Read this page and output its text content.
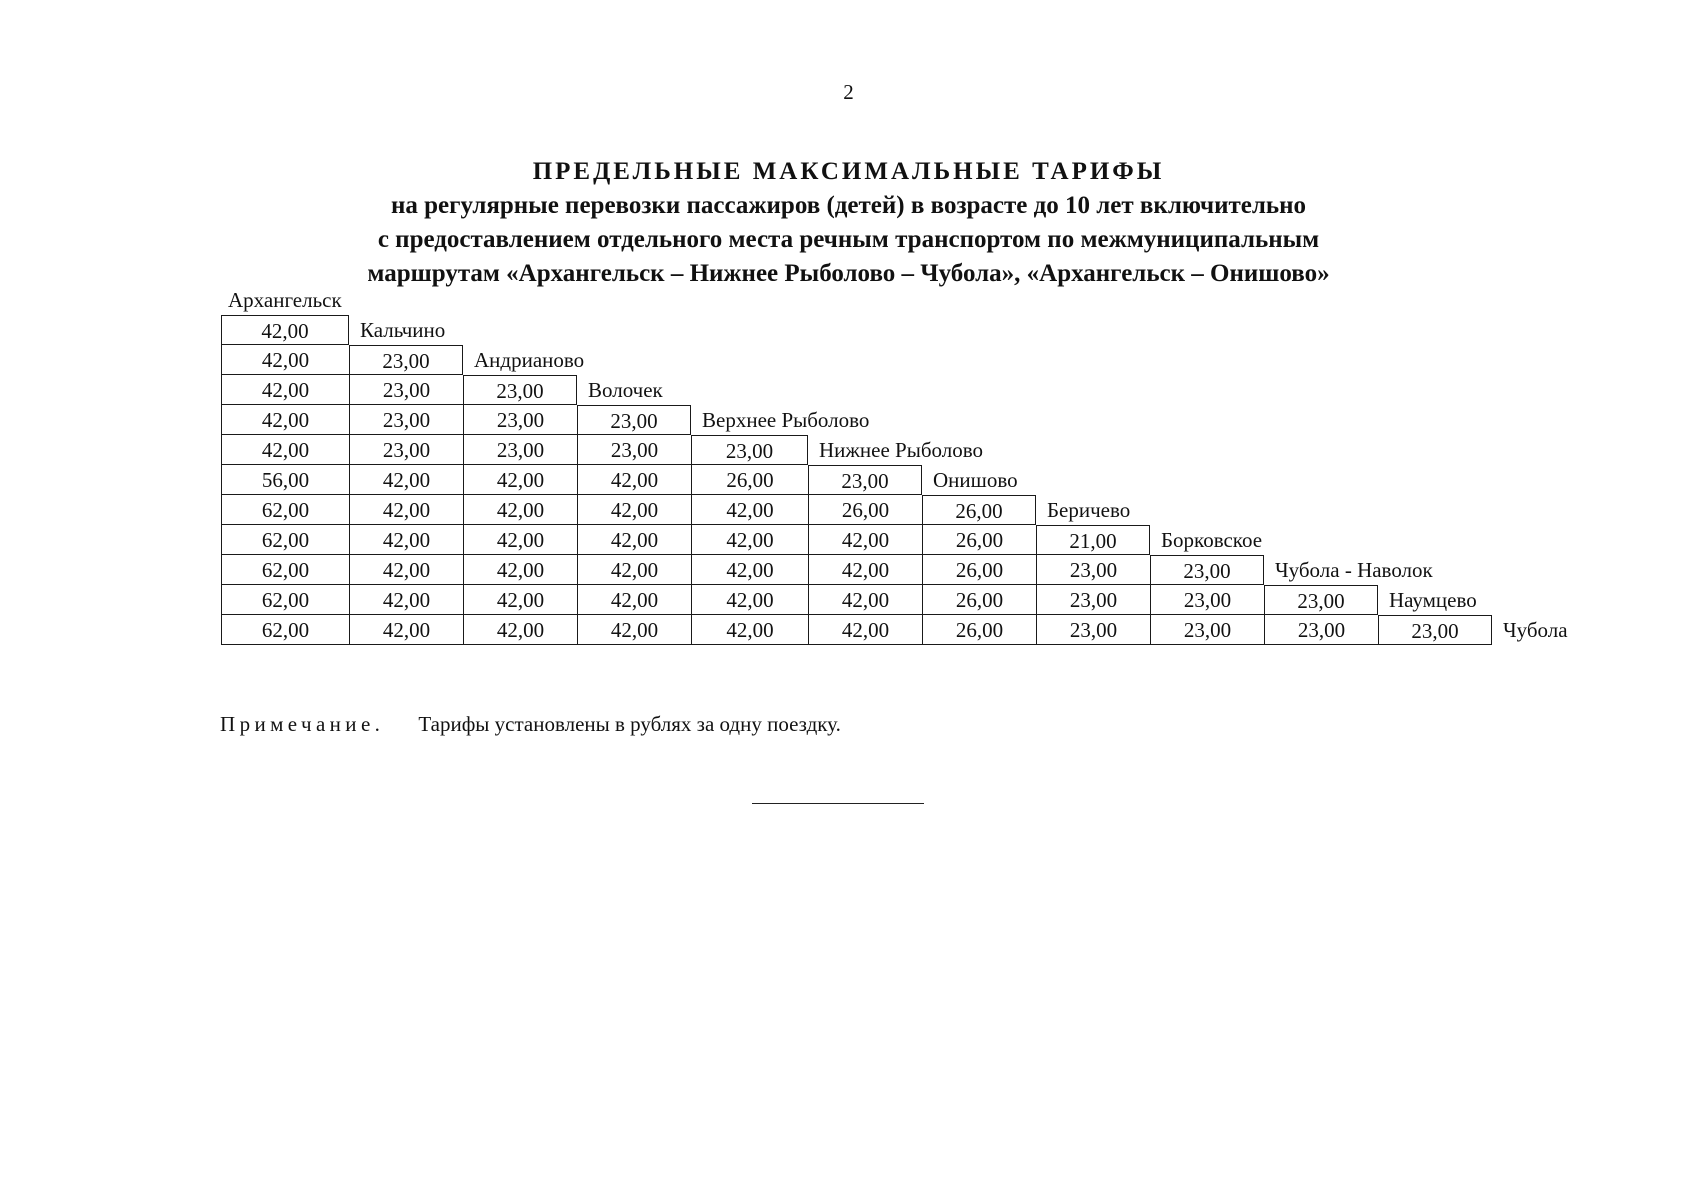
2
ПРЕДЕЛЬНЫЕ МАКСИМАЛЬНЫЕ ТАРИФЫ
на регулярные перевозки пассажиров (детей) в возрасте до 10 лет включительно
с предоставлением отдельного места речным транспортом по межмуниципальным
маршрутам «Архангельск – Нижнее Рыболово – Чубола», «Архангельск – Онишово»
Архангельск
42,00	Кальчино
42,00	23,00	Андрианово
42,00	23,00	23,00	Волочек
42,00	23,00	23,00	23,00	Верхнее Рыболово
42,00	23,00	23,00	23,00	23,00	Нижнее Рыболово
56,00	42,00	42,00	42,00	26,00	23,00	Онишово
62,00	42,00	42,00	42,00	42,00	26,00	26,00	Беричево
62,00	42,00	42,00	42,00	42,00	42,00	26,00	21,00	Борковское
62,00	42,00	42,00	42,00	42,00	42,00	26,00	23,00	23,00	Чубола - Наволок
62,00	42,00	42,00	42,00	42,00	42,00	26,00	23,00	23,00	23,00	Наумцево
62,00	42,00	42,00	42,00	42,00	42,00	26,00	23,00	23,00	23,00	23,00	Чубола
Примечание. Тарифы установлены в рублях за одну поездку.
